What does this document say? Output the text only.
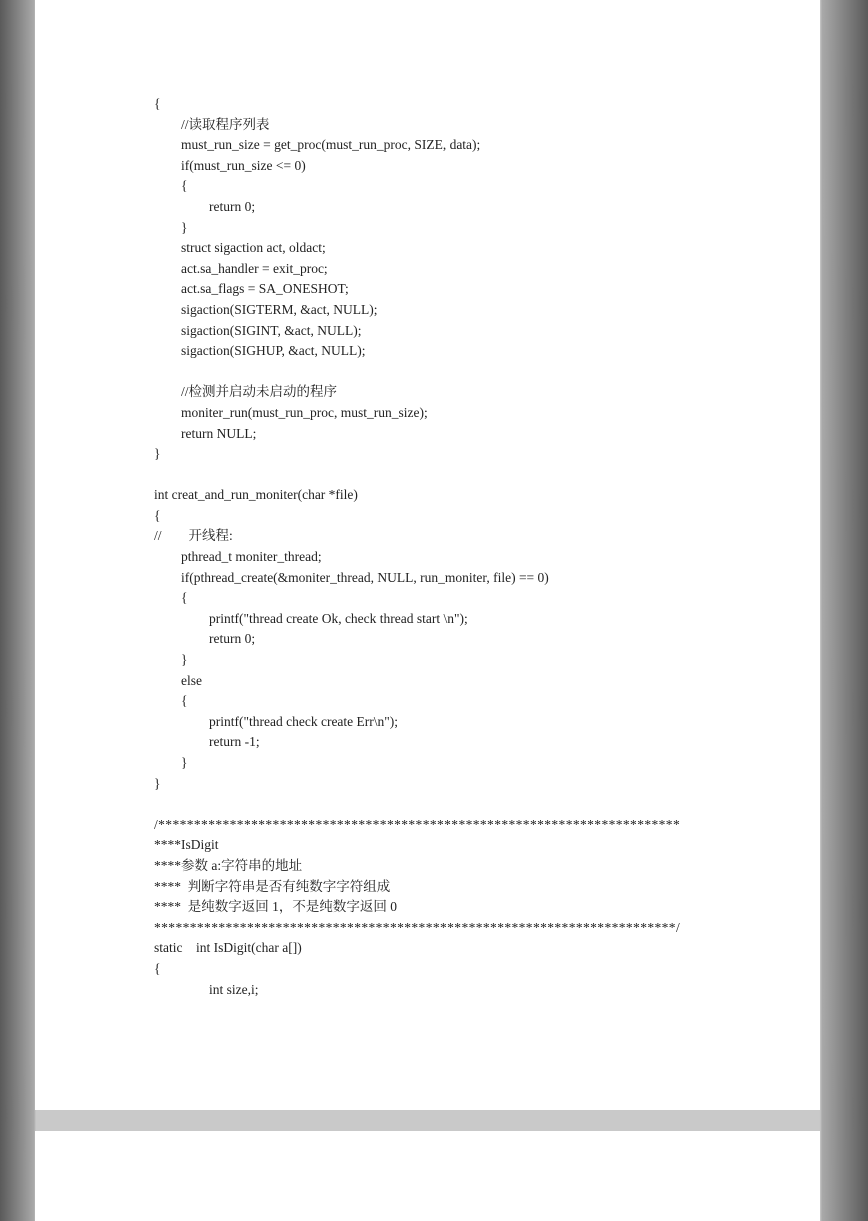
{
//读取程序列表
must_run_size = get_proc(must_run_proc, SIZE, data);
if(must_run_size <= 0)
{
return 0;
}
struct sigaction act, oldact;
act.sa_handler = exit_proc;
act.sa_flags = SA_ONESHOT;
sigaction(SIGTERM, &act, NULL);
sigaction(SIGINT, &act, NULL);
sigaction(SIGHUP, &act, NULL);
//检测并启动未启动的程序
moniter_run(must_run_proc, must_run_size);
return NULL;
}
int creat_and_run_moniter(char *file)
{
// 开线程:
pthread_t moniter_thread;
if(pthread_create(&moniter_thread, NULL, run_moniter, file) == 0)
{
printf("thread create Ok, check thread start \n");
return 0;
}
else
{
printf("thread check create Err\n");
return -1;
}
}
/*************************************************************************
****IsDigit
****参数 a:字符串的地址
****  判断字符串是否有纯数字字符组成
****  是纯数字返回 1，不是纯数字返回 0
*************************************************************************/
static    int IsDigit(char a[])
{
int size,i;
